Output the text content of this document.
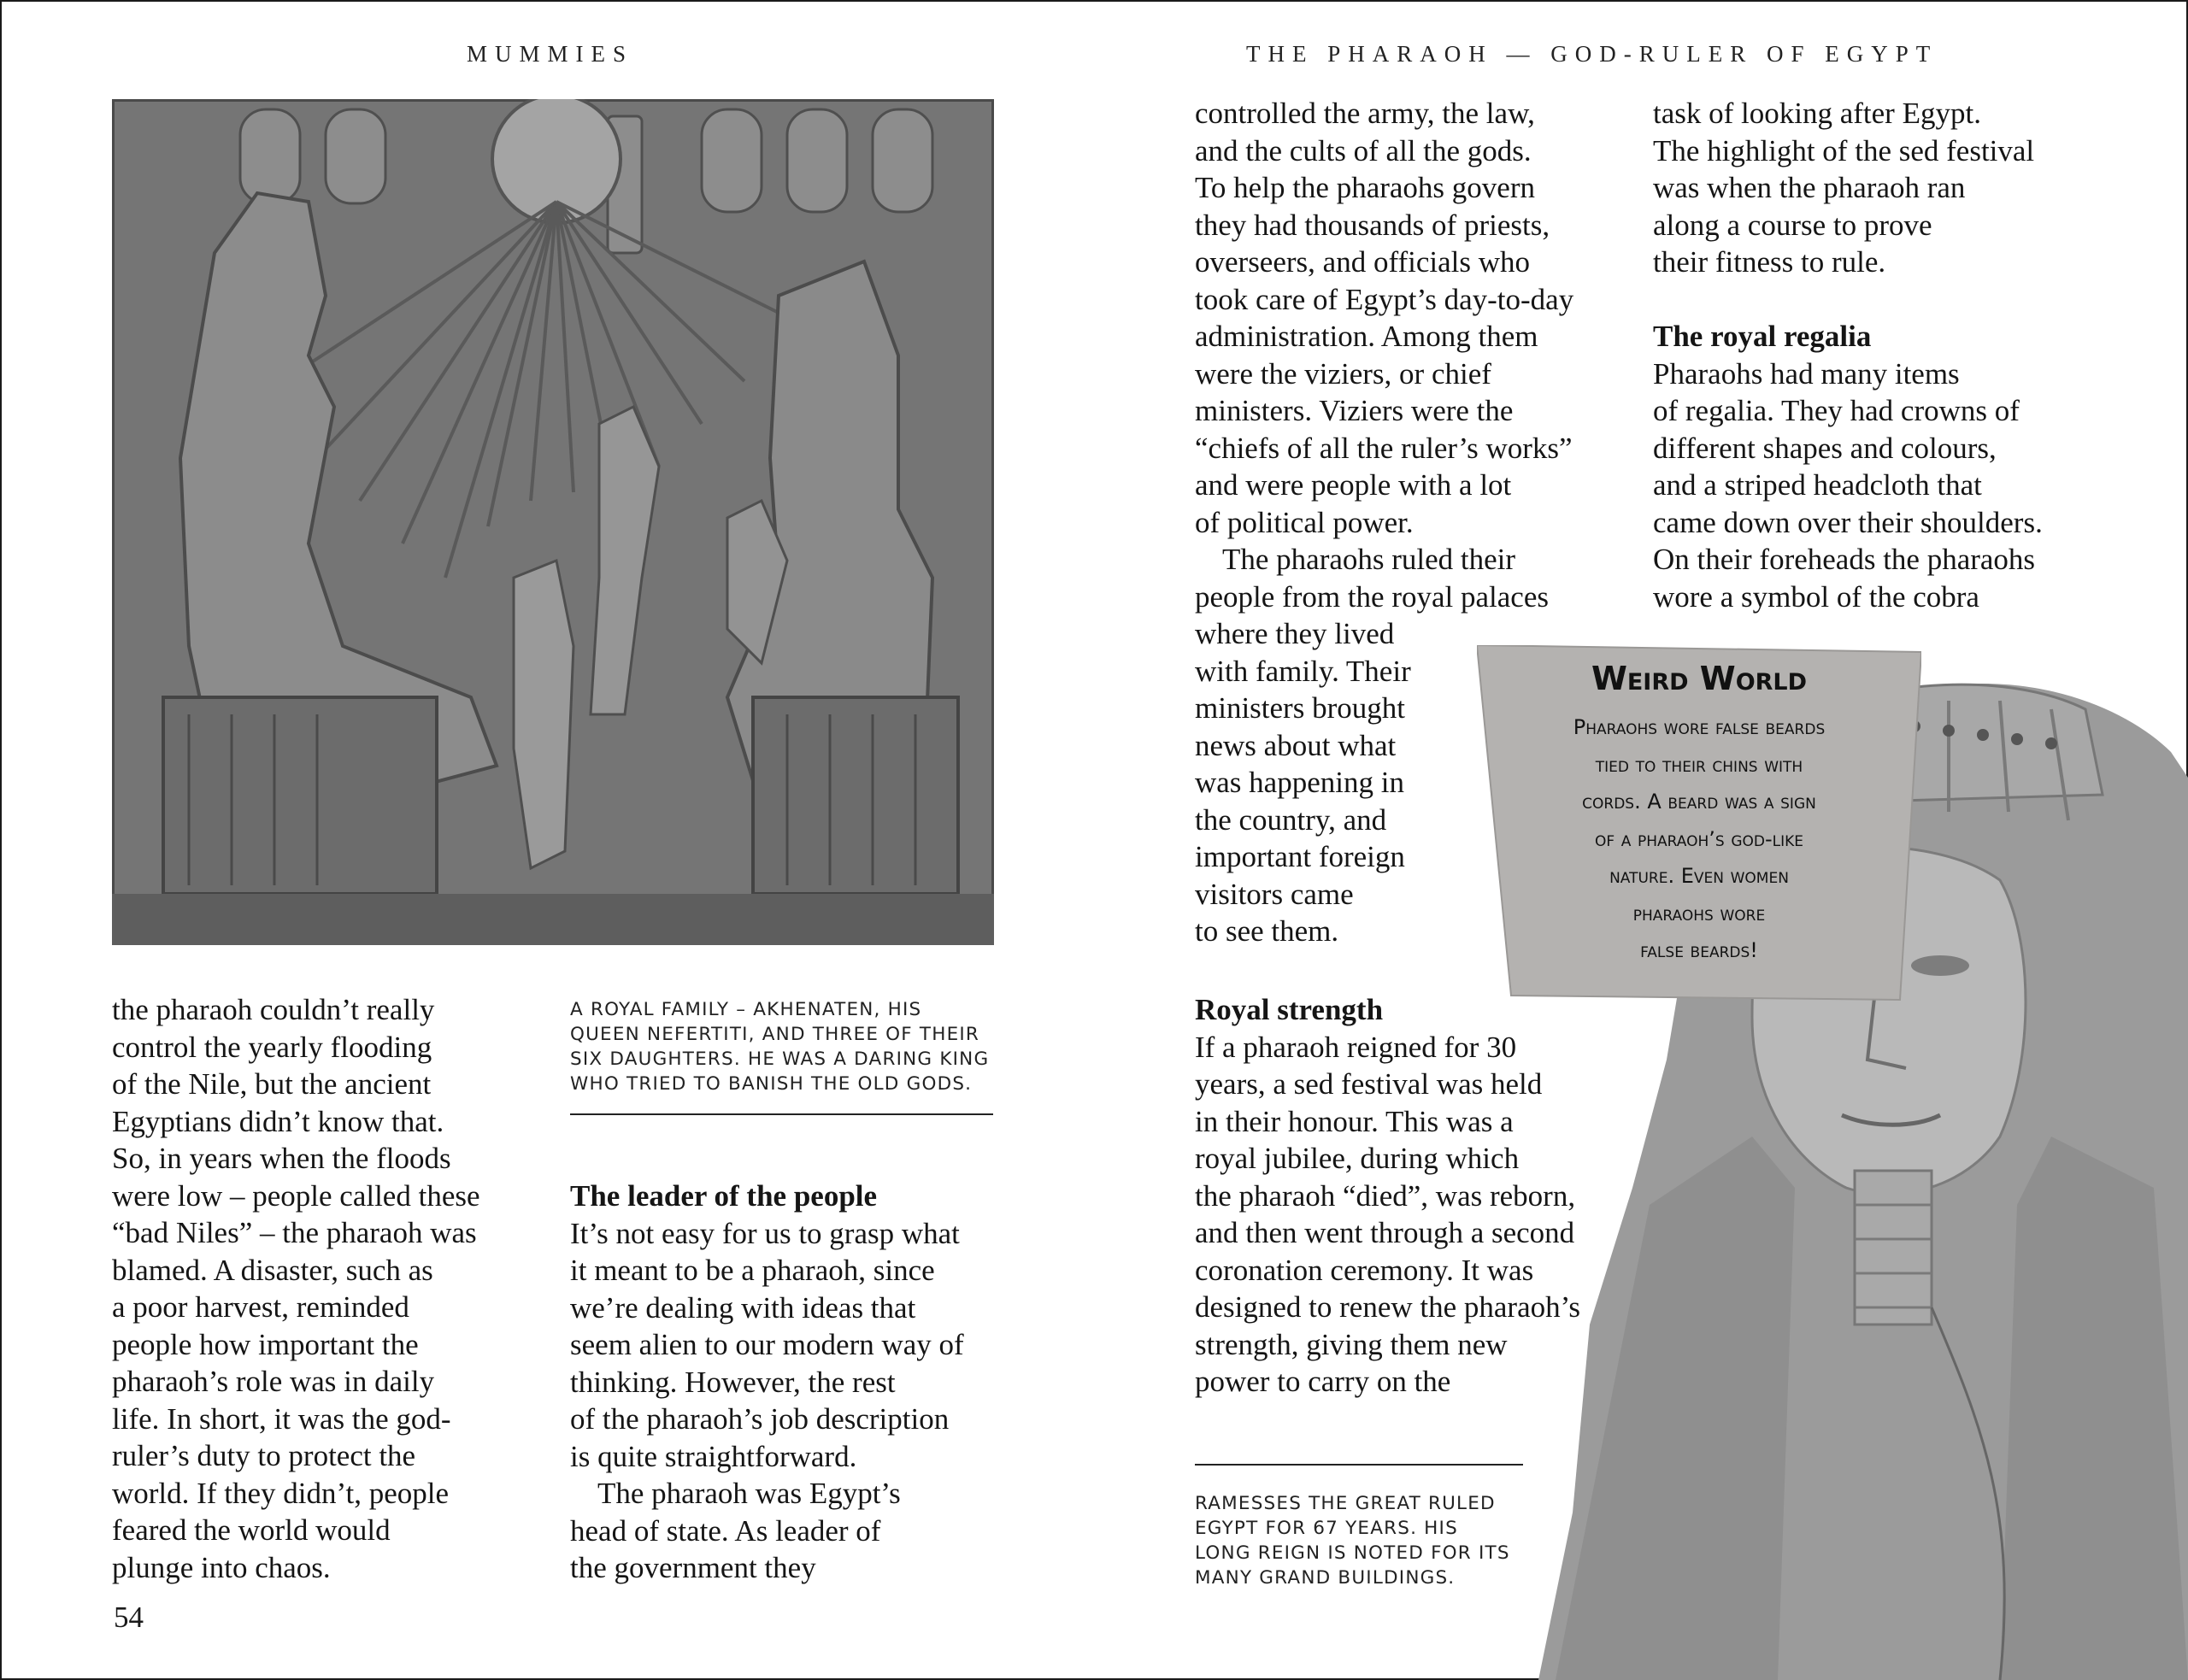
MUMMIES	THE PHARAOH — GOD-RULER OF EGYPT
the pharaoh couldn’t really
control the yearly flooding
of the Nile, but the ancient
Egyptians didn’t know that.
So, in years when the floods
were low – people called these
“bad Niles” – the pharaoh was
blamed. A disaster, such as
a poor harvest, reminded
people how important the
pharaoh’s role was in daily
life. In short, it was the god-
ruler’s duty to protect the
world. If they didn’t, people
feared the world would
plunge into chaos.
A ROYAL FAMILY – AKHENATEN, HIS QUEEN NEFERTITI, AND THREE OF THEIR SIX DAUGHTERS. HE WAS A DARING KING WHO TRIED TO BANISH THE OLD GODS.
The leader of the people
It’s not easy for us to grasp what
it meant to be a pharaoh, since
we’re dealing with ideas that
seem alien to our modern way of
thinking. However, the rest
of the pharaoh’s job description
is quite straightforward.
The pharaoh was Egypt’s
head of state. As leader of
the government they
54
controlled the army, the law,
and the cults of all the gods.
To help the pharaohs govern
they had thousands of priests,
overseers, and officials who
took care of Egypt’s day-to-day
administration. Among them
were the viziers, or chief
ministers. Viziers were the
“chiefs of all the ruler’s works”
and were people with a lot
of political power.
The pharaohs ruled their
people from the royal palaces
where they lived
with family. Their
ministers brought
news about what
was happening in
the country, and
important foreign
visitors came
to see them.
Royal strength
If a pharaoh reigned for 30
years, a sed festival was held
in their honour. This was a
royal jubilee, during which
the pharaoh “died”, was reborn,
and then went through a second
coronation ceremony. It was
designed to renew the pharaoh’s
strength, giving them new
power to carry on the
task of looking after Egypt.
The highlight of the sed festival
was when the pharaoh ran
along a course to prove
their fitness to rule.
The royal regalia
Pharaohs had many items
of regalia. They had crowns of
different shapes and colours,
and a striped headcloth that
came down over their shoulders.
On their foreheads the pharaohs
wore a symbol of the cobra
Weird World
Pharaohs wore false beards
tied to their chins with
cords. A beard was a sign
of a pharaoh’s god-like
nature. Even women
pharaohs wore
false beards!
RAMESSES THE GREAT RULED EGYPT FOR 67 YEARS. HIS LONG REIGN IS NOTED FOR ITS MANY GRAND BUILDINGS.
